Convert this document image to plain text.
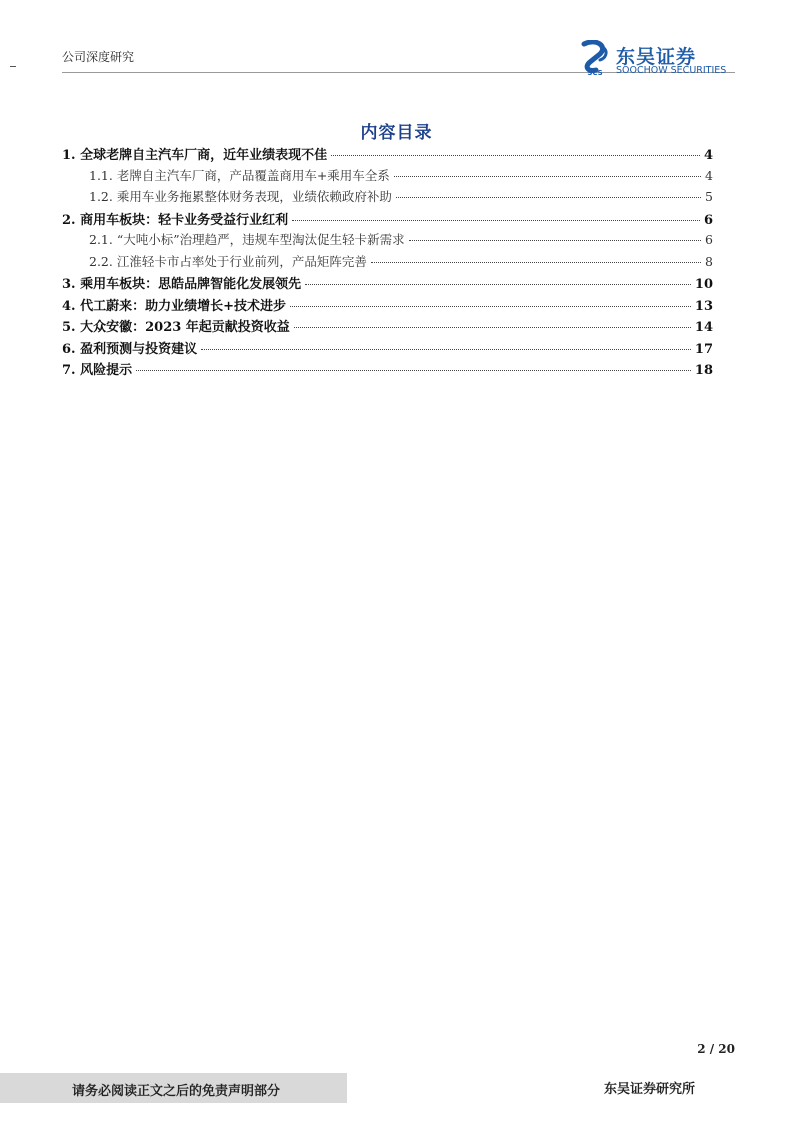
公司深度研究
SCS
东吴证券
SOOCHOW SECURITIES
内容目录
1. 全球老牌自主汽车厂商，近年业绩表现不佳	4
1.1. 老牌自主汽车厂商，产品覆盖商用车+乘用车全系	4
1.2. 乘用车业务拖累整体财务表现，业绩依赖政府补助	5
2. 商用车板块：轻卡业务受益行业红利	6
2.1. “大吨小标”治理趋严，违规车型淘汰促生轻卡新需求	6
2.2. 江淮轻卡市占率处于行业前列，产品矩阵完善	8
3. 乘用车板块：思皓品牌智能化发展领先	10
4. 代工蔚来：助力业绩增长+技术进步	13
5. 大众安徽：2023 年起贡献投资收益	14
6. 盈利预测与投资建议	17
7. 风险提示	18
2 / 20
请务必阅读正文之后的免责声明部分	东吴证券研究所
